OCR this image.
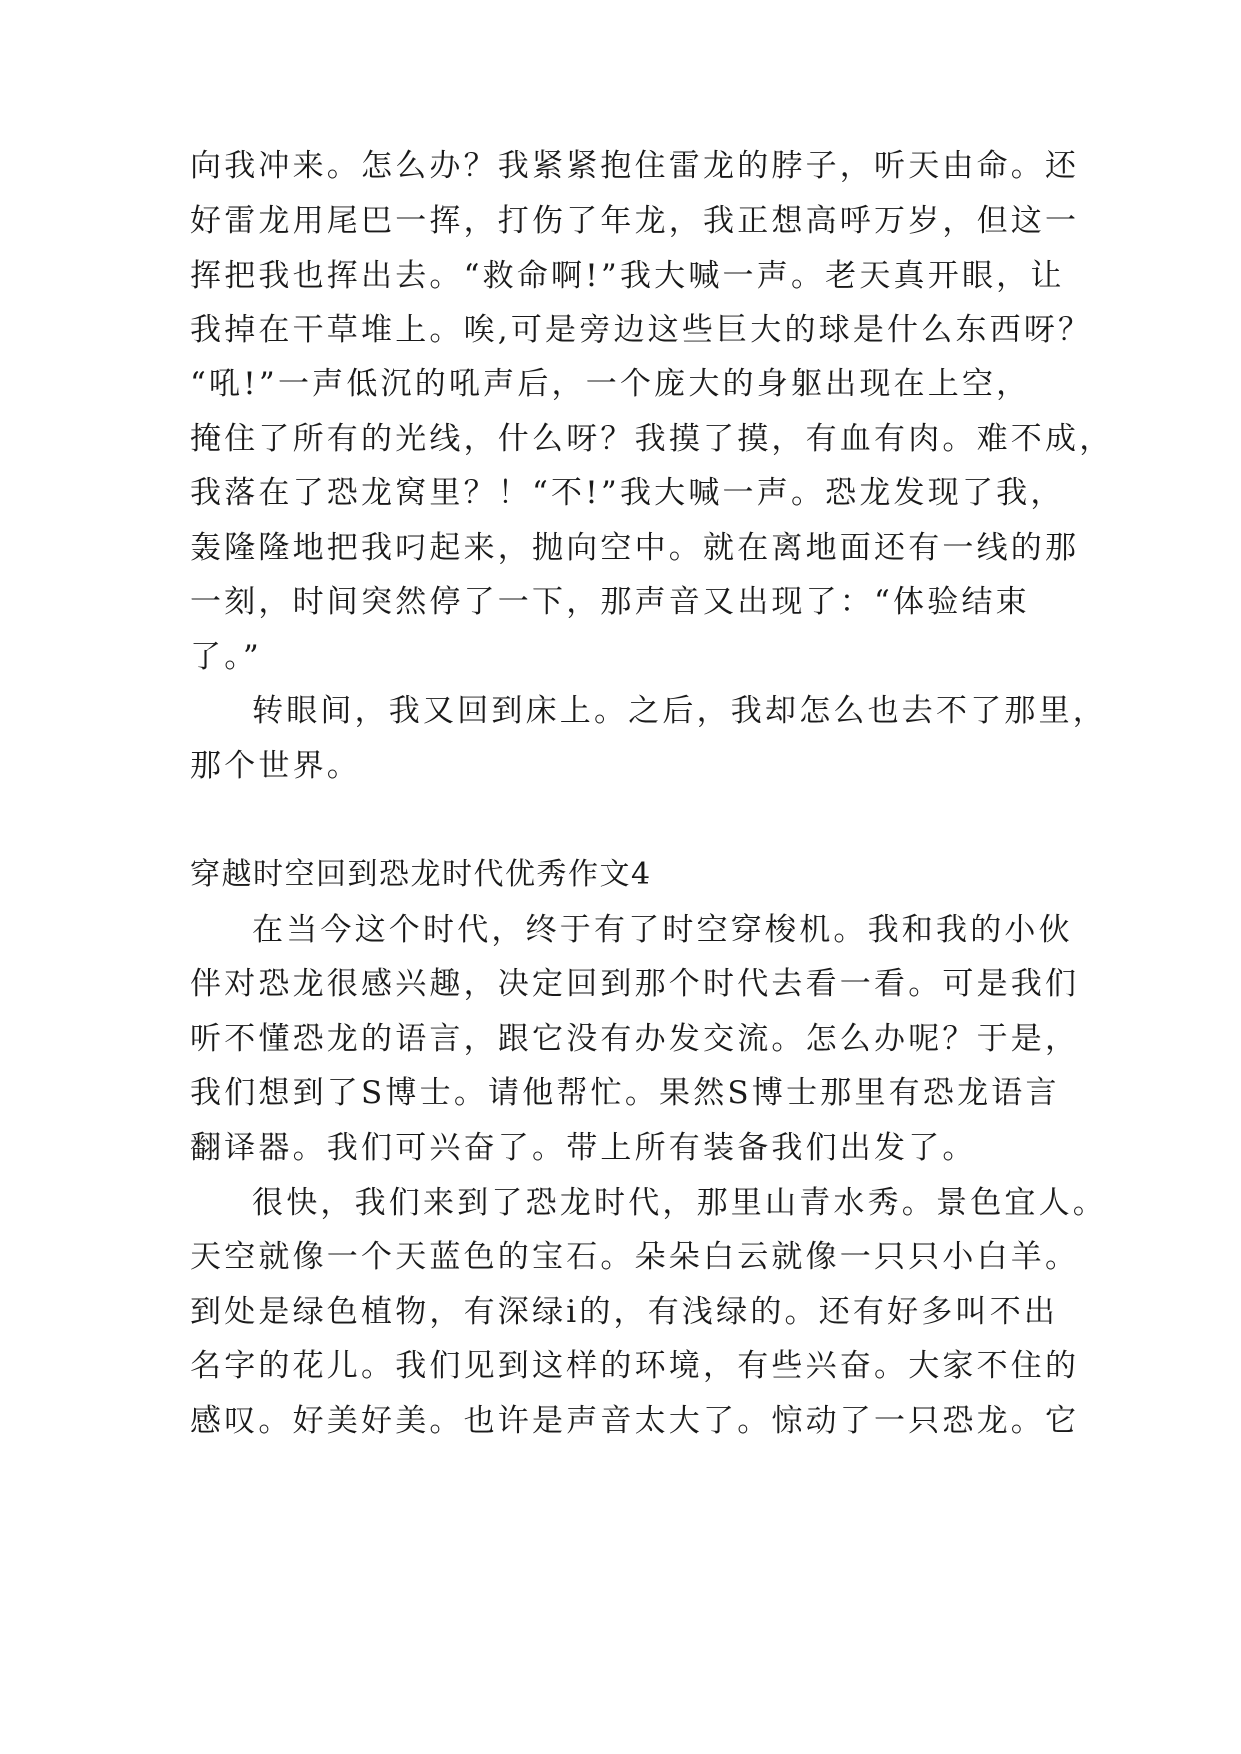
向我冲来。怎么办？我紧紧抱住雷龙的脖子，听天由命。还
好雷龙用尾巴一挥，打伤了年龙，我正想高呼万岁，但这一
挥把我也挥出去。“救命啊!”我大喊一声。老天真开眼，让
我掉在干草堆上。唉,可是旁边这些巨大的球是什么东西呀？
“吼!”一声低沉的吼声后，一个庞大的身躯出现在上空，
掩住了所有的光线，什么呀？我摸了摸，有血有肉。难不成，
我落在了恐龙窝里？！“不!”我大喊一声。恐龙发现了我，
轰隆隆地把我叼起来，抛向空中。就在离地面还有一线的那
一刻，时间突然停了一下，那声音又出现了：“体验结束
了。”
转眼间，我又回到床上。之后，我却怎么也去不了那里，
那个世界。
穿越时空回到恐龙时代优秀作文4
在当今这个时代，终于有了时空穿梭机。我和我的小伙
伴对恐龙很感兴趣，决定回到那个时代去看一看。可是我们
听不懂恐龙的语言，跟它没有办发交流。怎么办呢？于是，
我们想到了S博士。请他帮忙。果然S博士那里有恐龙语言
翻译器。我们可兴奋了。带上所有装备我们出发了。
很快，我们来到了恐龙时代，那里山青水秀。景色宜人。
天空就像一个天蓝色的宝石。朵朵白云就像一只只小白羊。
到处是绿色植物，有深绿i的，有浅绿的。还有好多叫不出
名字的花儿。我们见到这样的环境，有些兴奋。大家不住的
感叹。好美好美。也许是声音太大了。惊动了一只恐龙。它
